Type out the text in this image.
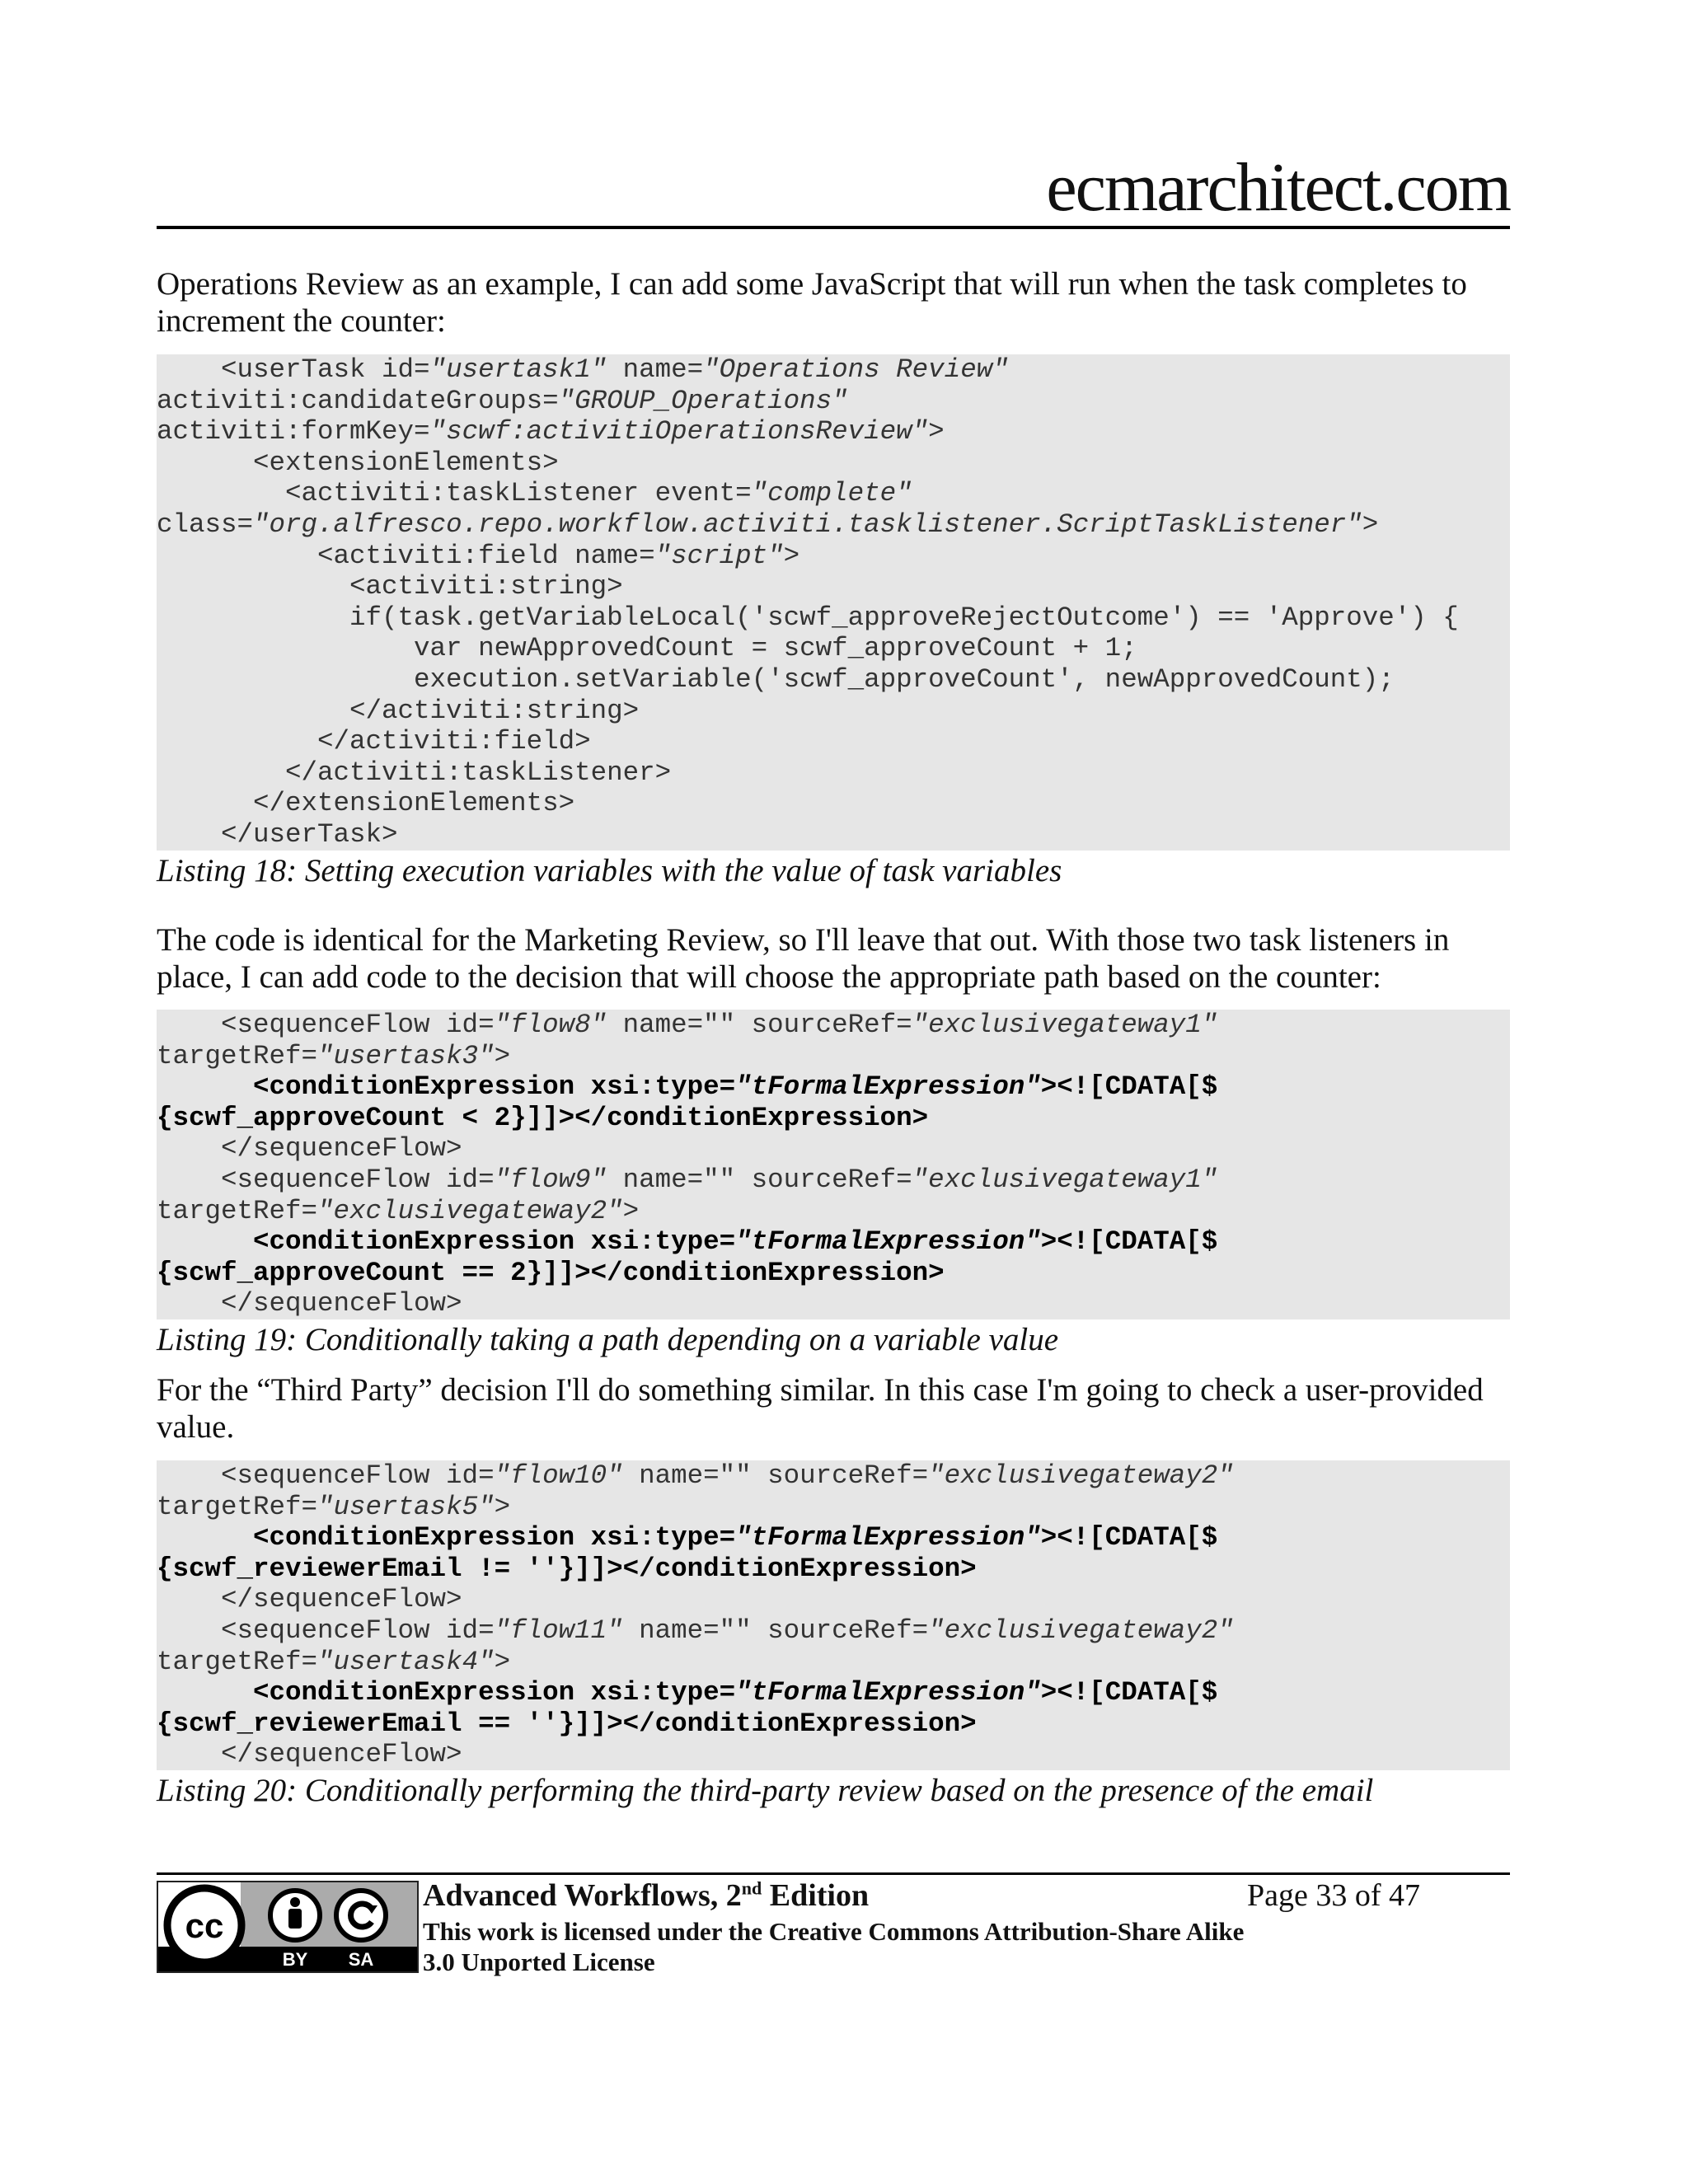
ecmarchitect.com
Operations Review as an example, I can add some JavaScript that will run when the task completes to increment the counter:
<userTask id="usertask1" name="Operations Review"
activiti:candidateGroups="GROUP_Operations"
activiti:formKey="scwf:activitiOperationsReview">
<extensionElements>
<activiti:taskListener event="complete"
class="org.alfresco.repo.workflow.activiti.tasklistener.ScriptTaskListener">
<activiti:field name="script">
<activiti:string>
if(task.getVariableLocal('scwf_approveRejectOutcome') == 'Approve') {
var newApprovedCount = scwf_approveCount + 1;
execution.setVariable('scwf_approveCount', newApprovedCount);
</activiti:string>
</activiti:field>
</activiti:taskListener>
</extensionElements>
</userTask>
Listing 18: Setting execution variables with the value of task variables
The code is identical for the Marketing Review, so I'll leave that out. With those two task listeners in place, I can add code to the decision that will choose the appropriate path based on the counter:
<sequenceFlow id="flow8" name="" sourceRef="exclusivegateway1"
targetRef="usertask3">
<conditionExpression xsi:type="tFormalExpression"><![CDATA[$
{scwf_approveCount < 2}]]></conditionExpression>
</sequenceFlow>
<sequenceFlow id="flow9" name="" sourceRef="exclusivegateway1"
targetRef="exclusivegateway2">
<conditionExpression xsi:type="tFormalExpression"><![CDATA[$
{scwf_approveCount == 2}]]></conditionExpression>
</sequenceFlow>
Listing 19: Conditionally taking a path depending on a variable value
For the “Third Party” decision I'll do something similar. In this case I'm going to check a user-provided value.
<sequenceFlow id="flow10" name="" sourceRef="exclusivegateway2"
targetRef="usertask5">
<conditionExpression xsi:type="tFormalExpression"><![CDATA[$
{scwf_reviewerEmail != ''}]]></conditionExpression>
</sequenceFlow>
<sequenceFlow id="flow11" name="" sourceRef="exclusivegateway2"
targetRef="usertask4">
<conditionExpression xsi:type="tFormalExpression"><![CDATA[$
{scwf_reviewerEmail == ''}]]></conditionExpression>
</sequenceFlow>
Listing 20: Conditionally performing the third-party review based on the presence of the email
cc
BY SA
Advanced Workflows, 2nd Edition	Page 33 of 47
This work is licensed under the Creative Commons Attribution-Share Alike 3.0 Unported License
